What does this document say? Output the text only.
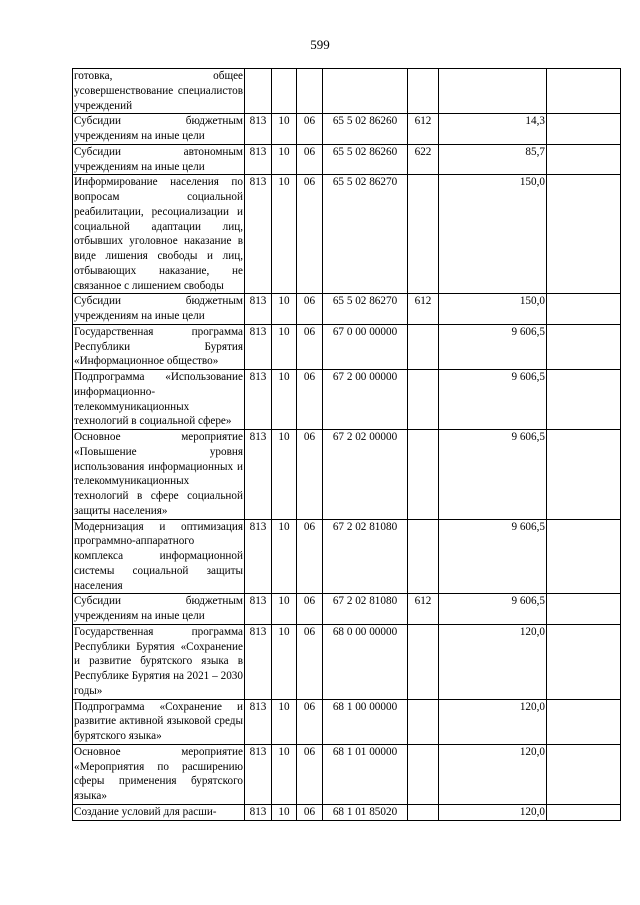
599
готовка, общее усовершенствование специалистов учреждений							
Субсидии бюджетным учреждениям на иные цели	813	10	06	65 5 02 86260	612	14,3	
Субсидии автономным учреждениям на иные цели	813	10	06	65 5 02 86260	622	85,7	
Информирование населения по вопросам социальной реабилитации, ресоциализации и социальной адаптации лиц, отбывших уголовное наказание в виде лишения свободы и лиц, отбывающих наказание, не связанное с лишением свободы	813	10	06	65 5 02 86270		150,0	
Субсидии бюджетным учреждениям на иные цели	813	10	06	65 5 02 86270	612	150,0	
Государственная программа Республики Бурятия «Информационное общество»	813	10	06	67 0 00 00000		9 606,5	
Подпрограмма «Использование информационно-телекоммуникационных технологий в социальной сфере»	813	10	06	67 2 00 00000		9 606,5	
Основное мероприятие «Повышение уровня использования информационных и телекоммуникационных технологий в сфере социальной защиты населения»	813	10	06	67 2 02 00000		9 606,5	
Модернизация и оптимизация программно-аппаратного комплекса информационной системы социальной защиты населения	813	10	06	67 2 02 81080		9 606,5	
Субсидии бюджетным учреждениям на иные цели	813	10	06	67 2 02 81080	612	9 606,5	
Государственная программа Республики Бурятия «Сохранение и развитие бурятского языка в Республике Бурятия на 2021 – 2030 годы»	813	10	06	68 0 00 00000		120,0	
Подпрограмма «Сохранение и развитие активной языковой среды бурятского языка»	813	10	06	68 1 00 00000		120,0	
Основное мероприятие «Мероприятия по расширению сферы применения бурятского языка»	813	10	06	68 1 01 00000		120,0	
Создание условий для расши-	813	10	06	68 1 01 85020		120,0	
